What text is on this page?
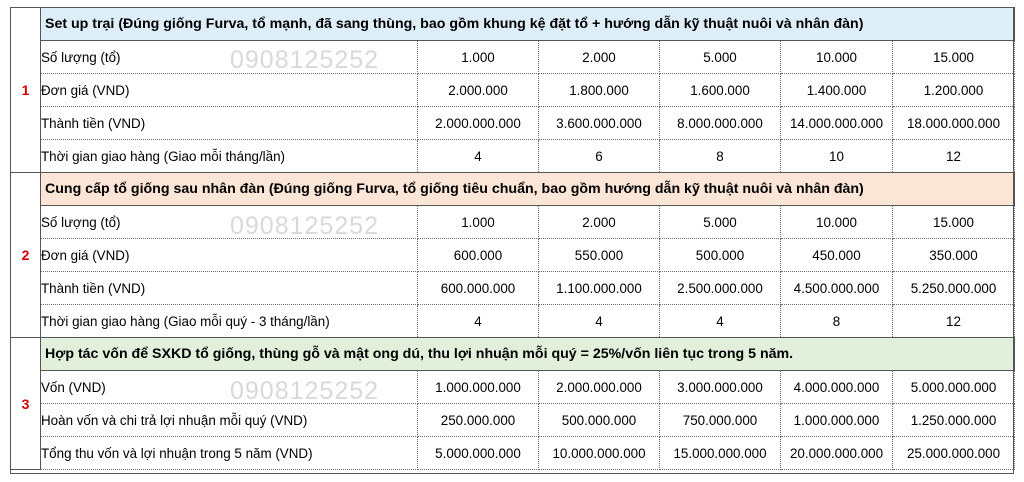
1	Set up trại (Đúng giống Furva, tổ mạnh, đã sang thùng, bao gồm khung kệ đặt tổ + hướng dẫn kỹ thuật nuôi và nhân đàn)					
	Số lượng (tổ)	1.000	2.000	5.000	10.000	15.000
	Đơn giá (VND)	2.000.000	1.800.000	1.600.000	1.400.000	1.200.000
	Thành tiền (VND)	2.000.000.000	3.600.000.000	8.000.000.000	14.000.000.000	18.000.000.000
	Thời gian giao hàng (Giao mỗi tháng/lần)	4	6	8	10	12
2	Cung cấp tổ giống sau nhân đàn (Đúng giống Furva, tổ giống tiêu chuẩn, bao gồm hướng dẫn kỹ thuật nuôi và nhân đàn)					
	Số lượng (tổ)	1.000	2.000	5.000	10.000	15.000
	Đơn giá (VND)	600.000	550.000	500.000	450.000	350.000
	Thành tiền (VND)	600.000.000	1.100.000.000	2.500.000.000	4.500.000.000	5.250.000.000
	Thời gian giao hàng (Giao mỗi quý - 3 tháng/lần)	4	4	4	8	12
3	Hợp tác vốn để SXKD tổ giống, thùng gỗ và mật ong dú, thu lợi nhuận mỗi quý = 25%/vốn liên tục trong 5 năm.					
	Vốn (VND)	1.000.000.000	2.000.000.000	3.000.000.000	4.000.000.000	5.000.000.000
	Hoàn vốn và chi trả lợi nhuận mỗi quý (VND)	250.000.000	500.000.000	750.000.000	1.000.000.000	1.250.000.000
	Tổng thu vốn và lợi nhuận trong 5 năm (VND)	5.000.000.000	10.000.000.000	15.000.000.000	20.000.000.000	25.000.000.000
0908125252
0908125252
0908125252
